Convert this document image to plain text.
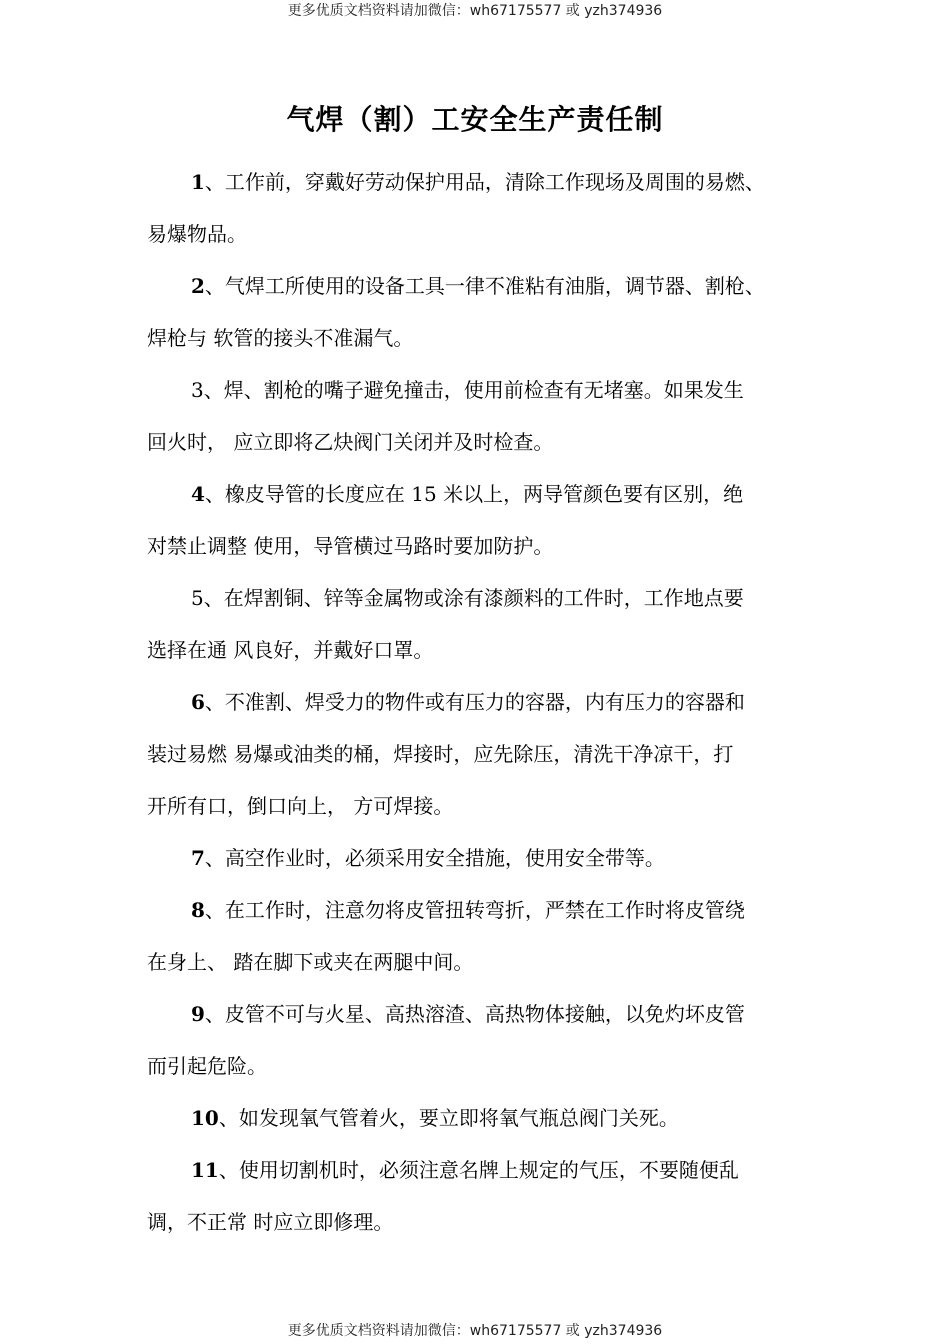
更多优质文档资料请加微信：wh67175577 或 yzh374936
气焊（割）工安全生产责任制

1、工作前，穿戴好劳动保护用品，清除工作现场及周围的易燃、
易爆物品。

2、气焊工所使用的设备工具一律不准粘有油脂，调节器、割枪、
焊枪与 软管的接头不准漏气。

3、焊、割枪的嘴子避免撞击，使用前检查有无堵塞。如果发生
回火时， 应立即将乙炔阀门关闭并及时检查。

4、橡皮导管的长度应在 15 米以上，两导管颜色要有区别，绝
对禁止调整 使用，导管横过马路时要加防护。

5、在焊割铜、锌等金属物或涂有漆颜料的工件时，工作地点要
选择在通 风良好，并戴好口罩。

6、不准割、焊受力的物件或有压力的容器，内有压力的容器和
装过易燃 易爆或油类的桶，焊接时，应先除压，清洗干净凉干，打
开所有口，倒口向上， 方可焊接。

7、高空作业时，必须采用安全措施，使用安全带等。

8、在工作时，注意勿将皮管扭转弯折，严禁在工作时将皮管绕
在身上、 踏在脚下或夹在两腿中间。

9、皮管不可与火星、高热溶渣、高热物体接触，以免灼坏皮管
而引起危险。

10、如发现氧气管着火，要立即将氧气瓶总阀门关死。

11、使用切割机时，必须注意名牌上规定的气压，不要随便乱
调，不正常 时应立即修理。

更多优质文档资料请加微信：wh67175577 或 yzh374936
